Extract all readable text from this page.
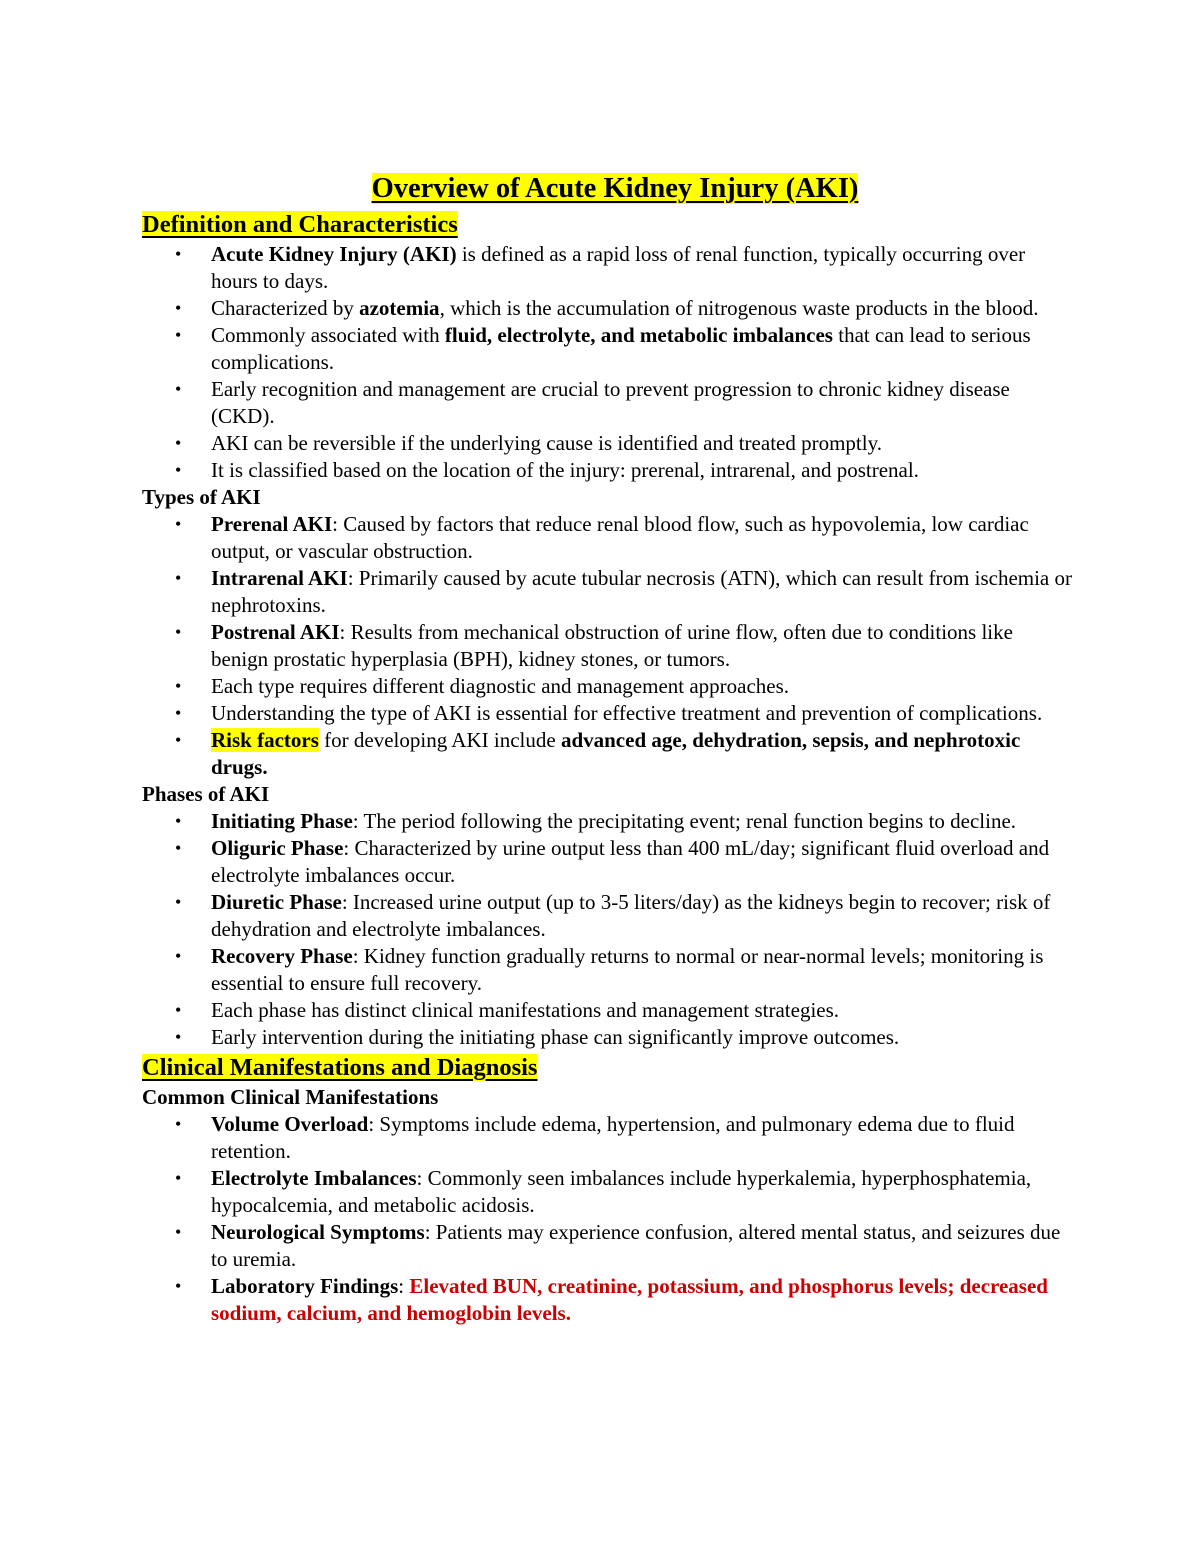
Overview of Acute Kidney Injury (AKI)

Definition and Characteristics

• Acute Kidney Injury (AKI) is defined as a rapid loss of renal function, typically occurring over hours to days.
• Characterized by azotemia, which is the accumulation of nitrogenous waste products in the blood.
• Commonly associated with fluid, electrolyte, and metabolic imbalances that can lead to serious complications.
• Early recognition and management are crucial to prevent progression to chronic kidney disease (CKD).
• AKI can be reversible if the underlying cause is identified and treated promptly.
• It is classified based on the location of the injury: prerenal, intrarenal, and postrenal.

Types of AKI

• Prerenal AKI: Caused by factors that reduce renal blood flow, such as hypovolemia, low cardiac output, or vascular obstruction.
• Intrarenal AKI: Primarily caused by acute tubular necrosis (ATN), which can result from ischemia or nephrotoxins.
• Postrenal AKI: Results from mechanical obstruction of urine flow, often due to conditions like benign prostatic hyperplasia (BPH), kidney stones, or tumors.
• Each type requires different diagnostic and management approaches.
• Understanding the type of AKI is essential for effective treatment and prevention of complications.
• Risk factors for developing AKI include advanced age, dehydration, sepsis, and nephrotoxic drugs.

Phases of AKI

• Initiating Phase: The period following the precipitating event; renal function begins to decline.
• Oliguric Phase: Characterized by urine output less than 400 mL/day; significant fluid overload and electrolyte imbalances occur.
• Diuretic Phase: Increased urine output (up to 3-5 liters/day) as the kidneys begin to recover; risk of dehydration and electrolyte imbalances.
• Recovery Phase: Kidney function gradually returns to normal or near-normal levels; monitoring is essential to ensure full recovery.
• Each phase has distinct clinical manifestations and management strategies.
• Early intervention during the initiating phase can significantly improve outcomes.

Clinical Manifestations and Diagnosis

Common Clinical Manifestations

• Volume Overload: Symptoms include edema, hypertension, and pulmonary edema due to fluid retention.
• Electrolyte Imbalances: Commonly seen imbalances include hyperkalemia, hyperphosphatemia, hypocalcemia, and metabolic acidosis.
• Neurological Symptoms: Patients may experience confusion, altered mental status, and seizures due to uremia.
• Laboratory Findings: Elevated BUN, creatinine, potassium, and phosphorus levels; decreased sodium, calcium, and hemoglobin levels.
